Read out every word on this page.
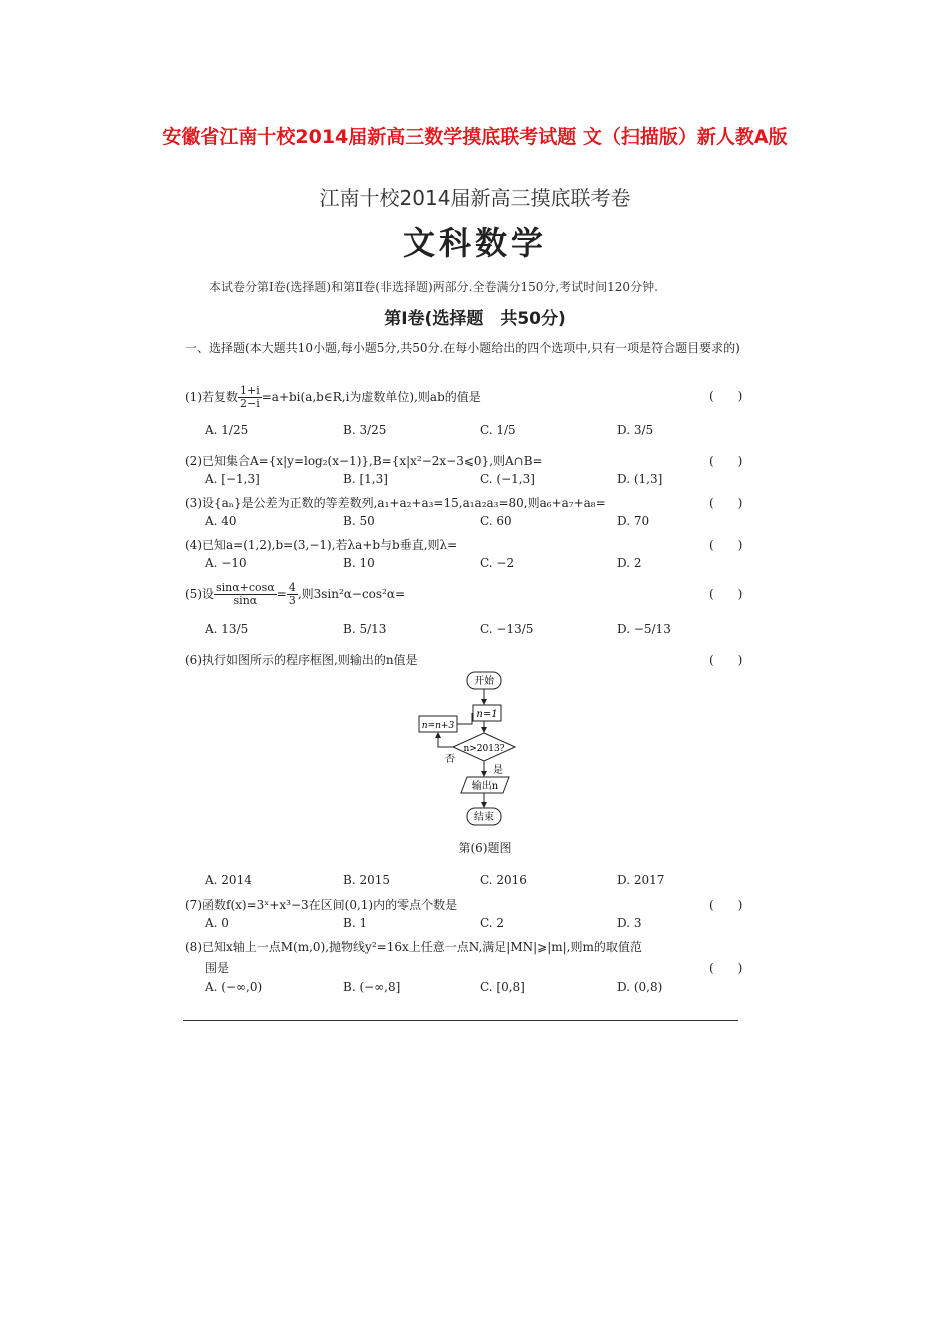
安徽省江南十校2014届新高三数学摸底联考试题 文（扫描版）新人教A版
江南十校2014届新高三摸底联考卷
文科数学
本试卷分第Ⅰ卷(选择题)和第Ⅱ卷(非选择题)两部分.全卷满分150分,考试时间120分钟.
第Ⅰ卷(选择题　共50分)
一、选择题(本大题共10小题,每小题5分,共50分.在每小题给出的四个选项中,只有一项是符合题目要求的)
(1)若复数 $\frac{1+i}{2-i}$ =a+bi(a,b∈R,i为虚数单位),则ab的值是	(　　)
(2)已知集合A={x|y=log₂(x−1)},B={x|x²−2x−3⩽0},则A∩B=	(　　)
(3)设{aₙ}是公差为正数的等差数列,a₁+a₂+a₃=15,a₁a₂a₃=80,则a₆+a₇+a₈=	(　　)
(4)已知a=(1,2),b=(3,−1),若λa+b与b垂直,则λ=	(　　)
(5)设 $\frac{\sin\alpha+\cos\alpha}{\sin\alpha} = \frac{4}{3}$ ,则3sin²α−cos²α=	(　　)
(6)执行如图所示的程序框图,则输出的n值是	(　　)
开始
n=1
n>2013?
n=n+3
否
是
输出n
结束
第(6)题图
(7)函数f(x)=3ˣ+x³−3在区间(0,1)内的零点个数是	(　　)
(8)已知x轴上一点M(m,0),抛物线y²=16x上任意一点N,满足|MN|⩾|m|,则m的取值范
围是	(　　)
A. 1/25	B. 3/25	C. 1/5	D. 3/5
A. [−1,3]	B. [1,3]	C. (−1,3]	D. (1,3]
A. 40	B. 50	C. 60	D. 70
A. −10	B. 10	C. −2	D. 2
A. 13/5	B. 5/13	C. −13/5	D. −5/13
A. 2014	B. 2015	C. 2016	D. 2017
A. 0	B. 1	C. 2	D. 3
A. (−∞,0)	B. (−∞,8]	C. [0,8]	D. (0,8)
